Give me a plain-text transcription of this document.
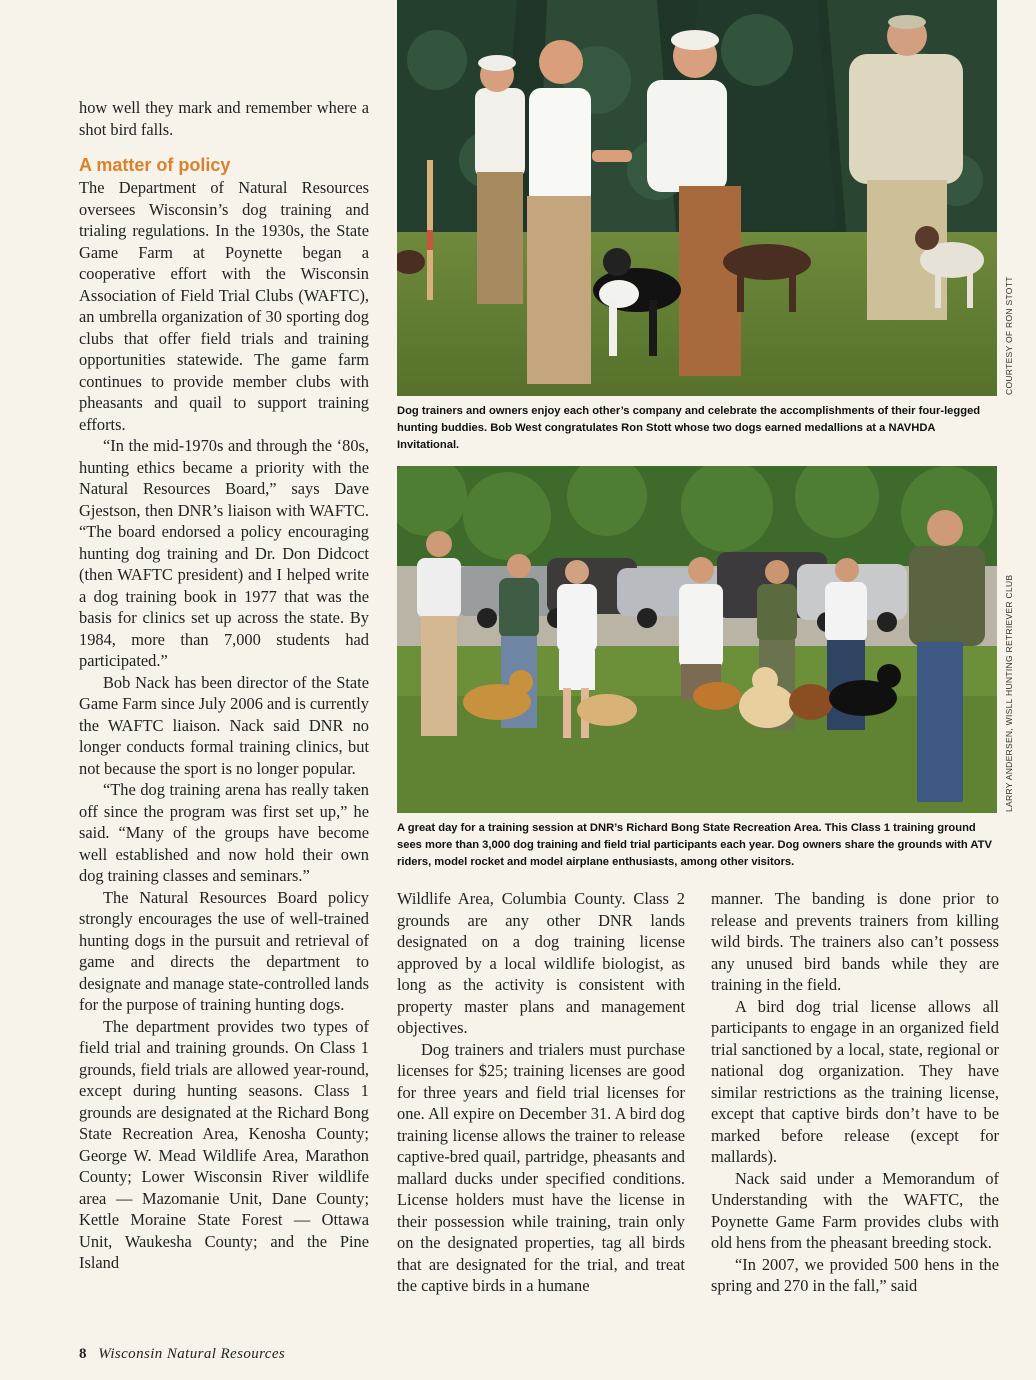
how well they mark and remember where a shot bird falls.

A matter of policy

The Department of Natural Resources oversees Wisconsin’s dog training and trialing regulations. In the 1930s, the State Game Farm at Poynette began a cooperative effort with the Wisconsin Association of Field Trial Clubs (WAFTC), an umbrella organization of 30 sporting dog clubs that offer field trials and training opportunities statewide. The game farm continues to provide member clubs with pheasants and quail to support training efforts.

“In the mid-1970s and through the ‘80s, hunting ethics became a priority with the Natural Resources Board,” says Dave Gjestson, then DNR’s liaison with WAFTC. “The board endorsed a policy encouraging hunting dog training and Dr. Don Didcoct (then WAFTC president) and I helped write a dog training book in 1977 that was the basis for clinics set up across the state. By 1984, more than 7,000 students had participated.”

Bob Nack has been director of the State Game Farm since July 2006 and is currently the WAFTC liaison. Nack said DNR no longer conducts formal training clinics, but not because the sport is no longer popular.

“The dog training arena has really taken off since the program was first set up,” he said. “Many of the groups have become well established and now hold their own dog training classes and seminars.”

The Natural Resources Board policy strongly encourages the use of well-trained hunting dogs in the pursuit and retrieval of game and directs the department to designate and manage state-controlled lands for the purpose of training hunting dogs.

The department provides two types of field trial and training grounds. On Class 1 grounds, field trials are allowed year-round, except during hunting seasons. Class 1 grounds are designated at the Richard Bong State Recreation Area, Kenosha County; George W. Mead Wildlife Area, Marathon County; Lower Wisconsin River wildlife area — Mazomanie Unit, Dane County; Kettle Moraine State Forest — Ottawa Unit, Waukesha County; and the Pine Island

COURTESY OF RON STOTT
Dog trainers and owners enjoy each other’s company and celebrate the accomplishments of their four-legged hunting buddies. Bob West congratulates Ron Stott whose two dogs earned medallions at a NAVHDA Invitational.
LARRY ANDERSEN, WISLL HUNTING RETRIEVER CLUB
A great day for a training session at DNR’s Richard Bong State Recreation Area. This Class 1 training ground sees more than 3,000 dog training and field trial participants each year. Dog owners share the grounds with ATV riders, model rocket and model airplane enthusiasts, among other visitors.

Wildlife Area, Columbia County. Class 2 grounds are any other DNR lands designated on a dog training license approved by a local wildlife biologist, as long as the activity is consistent with property master plans and management objectives.

Dog trainers and trialers must purchase licenses for $25; training licenses are good for three years and field trial licenses for one. All expire on December 31. A bird dog training license allows the trainer to release captive-bred quail, partridge, pheasants and mallard ducks under specified conditions. License holders must have the license in their possession while training, train only on the designated properties, tag all birds that are designated for the trial, and treat the captive birds in a humane

manner. The banding is done prior to release and prevents trainers from killing wild birds. The trainers also can’t possess any unused bird bands while they are training in the field.

A bird dog trial license allows all participants to engage in an organized field trial sanctioned by a local, state, regional or national dog organization. They have similar restrictions as the training license, except that captive birds don’t have to be marked before release (except for mallards).

Nack said under a Memorandum of Understanding with the WAFTC, the Poynette Game Farm provides clubs with old hens from the pheasant breeding stock.

“In 2007, we provided 500 hens in the spring and 270 in the fall,” said

8 Wisconsin Natural Resources
